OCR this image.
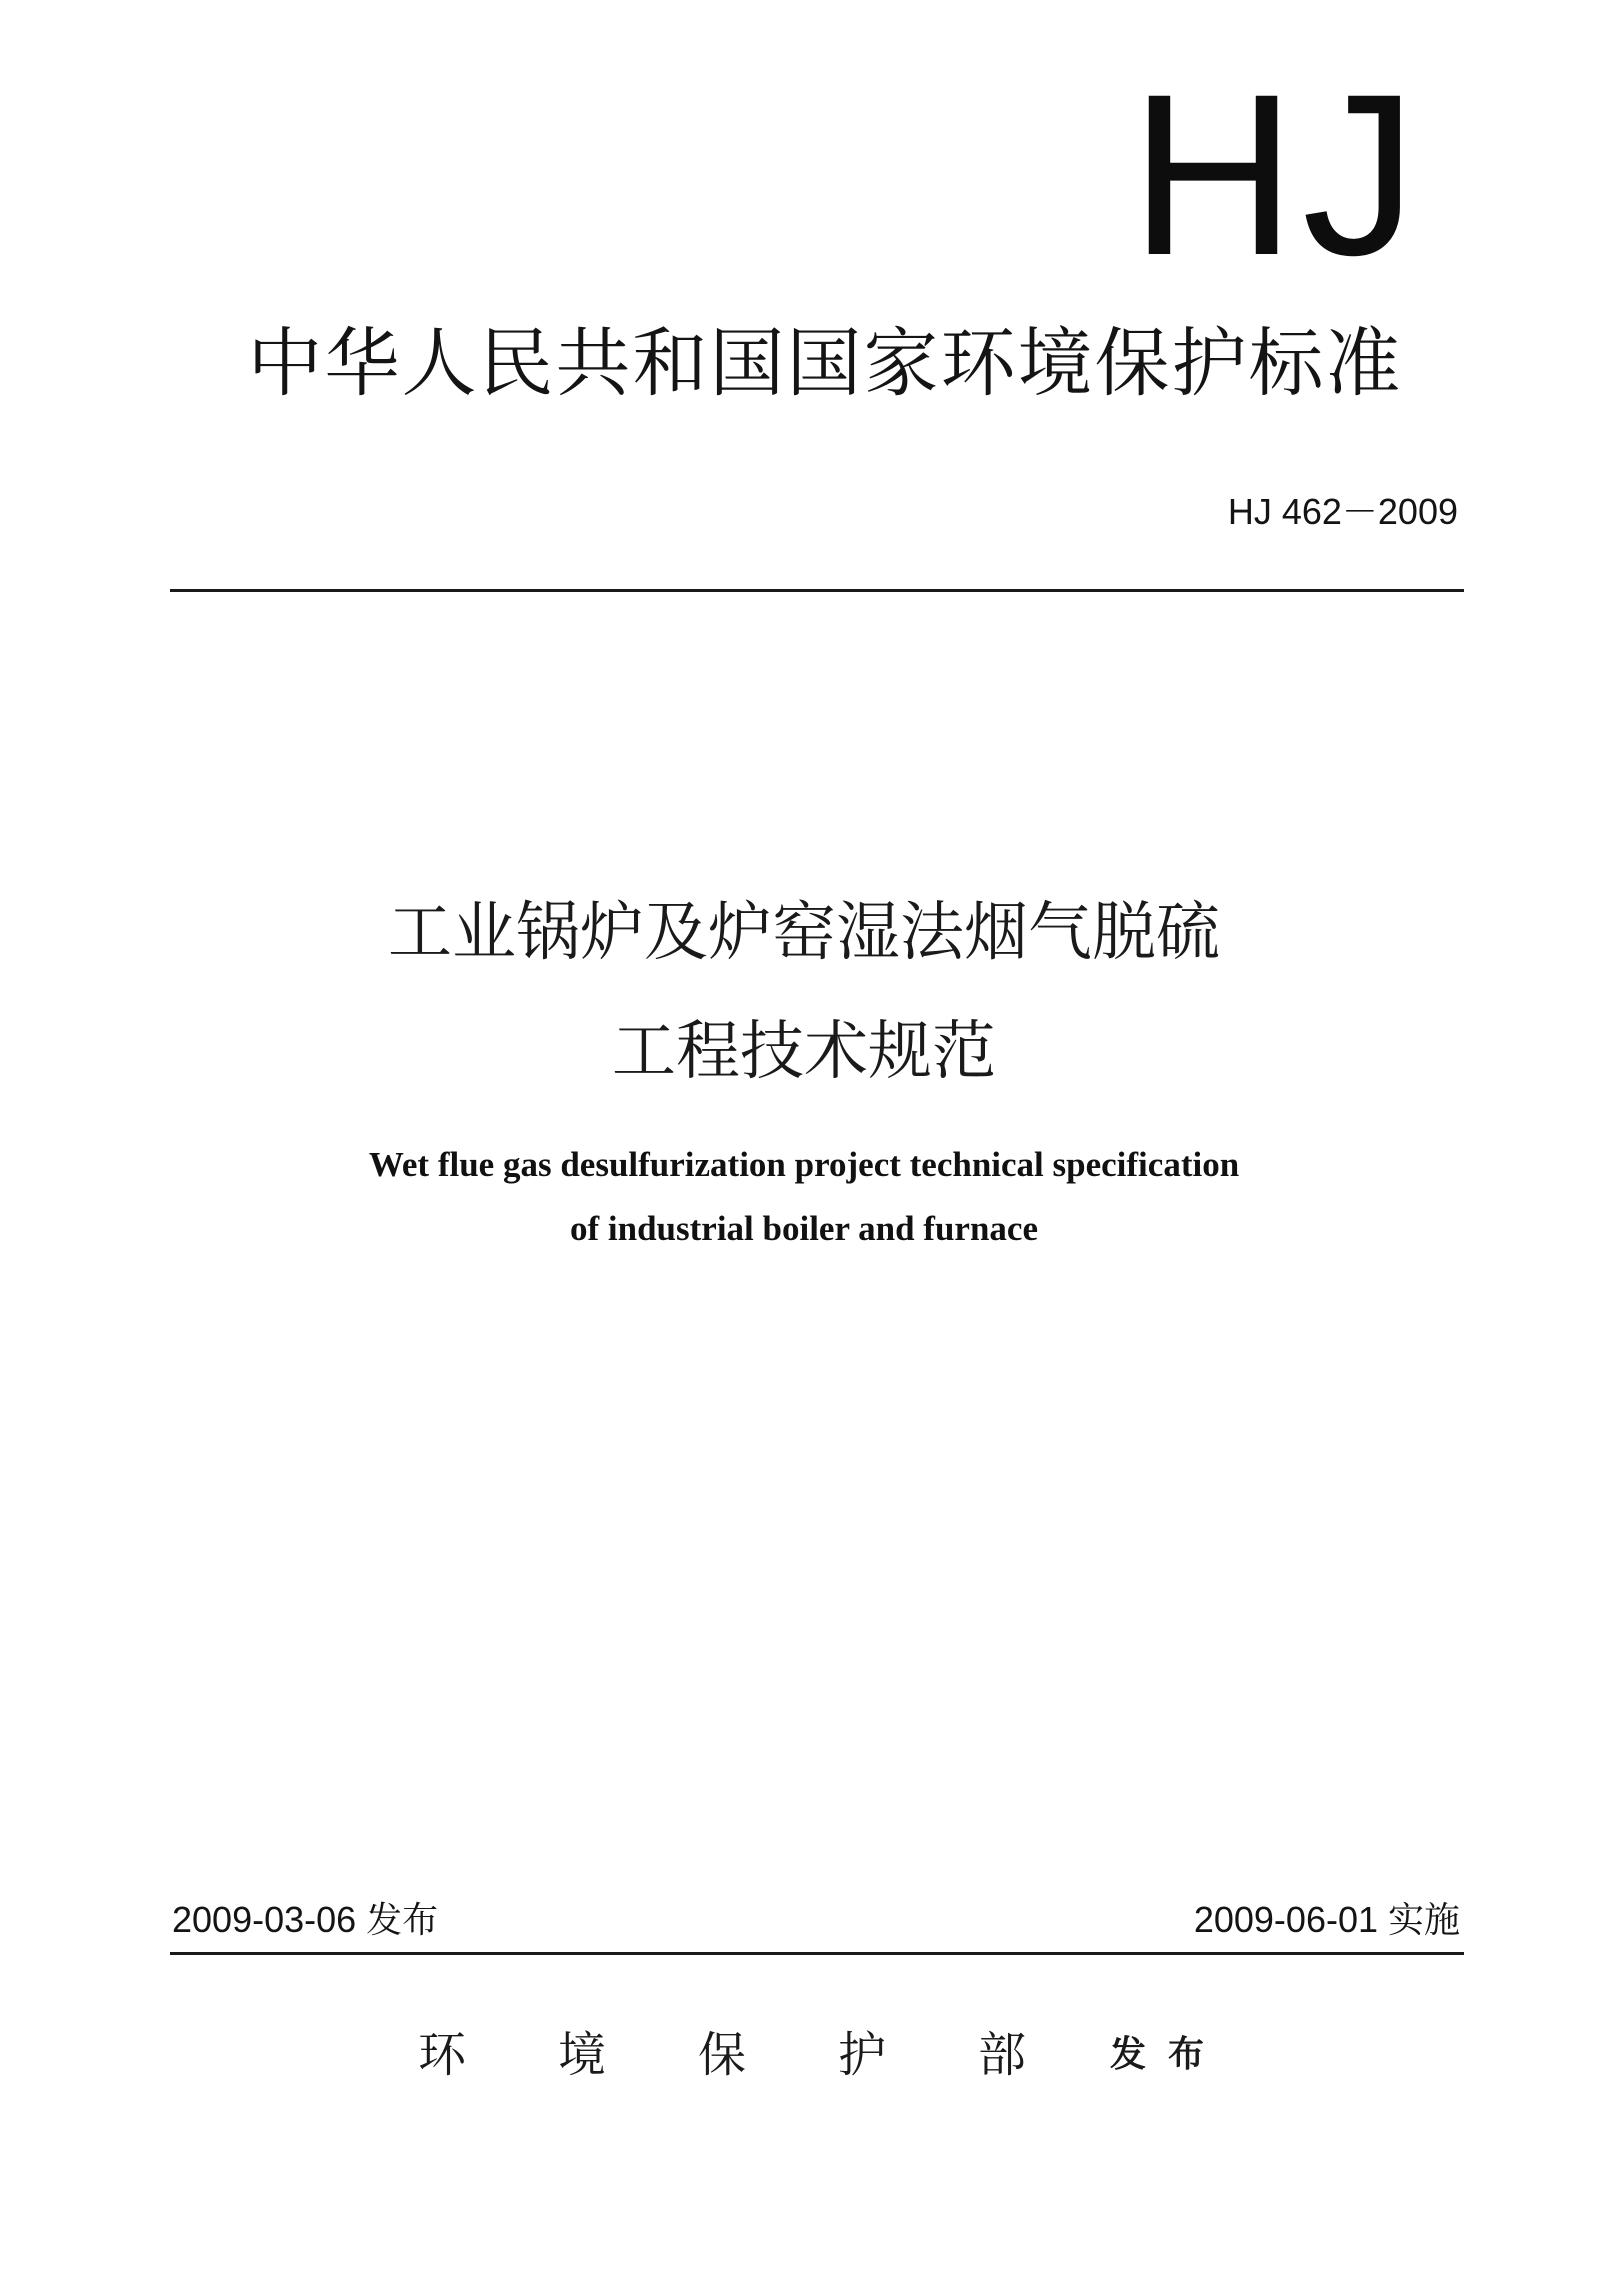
HJ
中华人民共和国国家环境保护标准
HJ 462－2009
工业锅炉及炉窑湿法烟气脱硫
工程技术规范
Wet flue gas desulfurization project technical specification
of industrial boiler and furnace
2009-03-06 发布	2009-06-01 实施
环境保护部
发布
